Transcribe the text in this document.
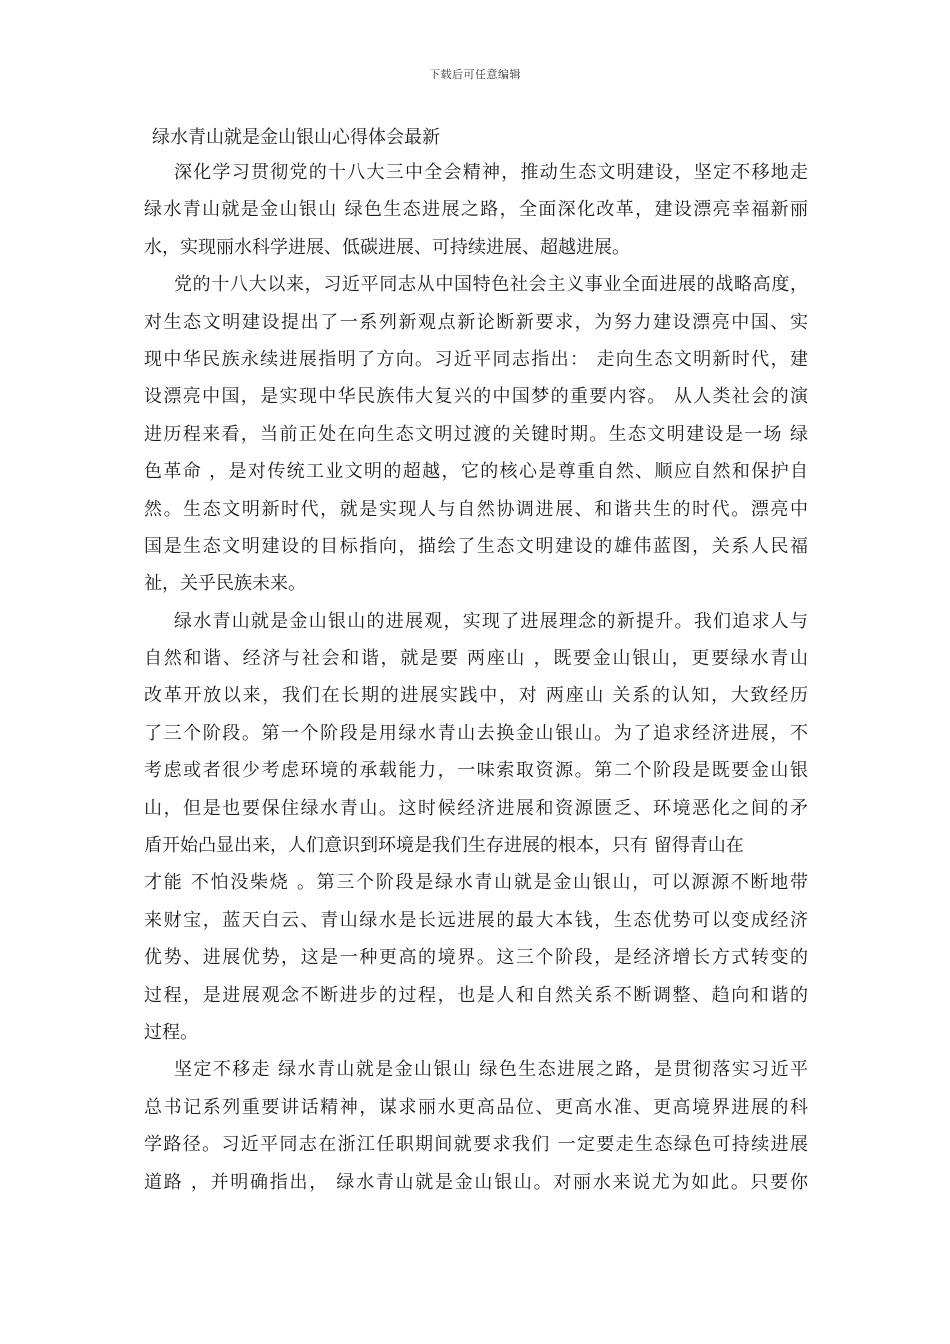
下载后可任意编辑
绿水青山就是金山银山心得体会最新
深化学习贯彻党的十八大三中全会精神，推动生态文明建设，坚定不移地走
绿水青山就是金山银山 绿色生态进展之路，全面深化改革，建设漂亮幸福新丽
水，实现丽水科学进展、低碳进展、可持续进展、超越进展。
党的十八大以来，习近平同志从中国特色社会主义事业全面进展的战略高度，
对生态文明建设提出了一系列新观点新论断新要求，为努力建设漂亮中国、实
现中华民族永续进展指明了方向。习近平同志指出： 走向生态文明新时代，建
设漂亮中国，是实现中华民族伟大复兴的中国梦的重要内容。 从人类社会的演
进历程来看，当前正处在向生态文明过渡的关键时期。生态文明建设是一场 绿
色革命 ，是对传统工业文明的超越，它的核心是尊重自然、顺应自然和保护自
然。生态文明新时代，就是实现人与自然协调进展、和谐共生的时代。漂亮中
国是生态文明建设的目标指向，描绘了生态文明建设的雄伟蓝图，关系人民福
祉，关乎民族未来。
绿水青山就是金山银山的进展观，实现了进展理念的新提升。我们追求人与
自然和谐、经济与社会和谐，就是要 两座山 ，既要金山银山，更要绿水青山
改革开放以来，我们在长期的进展实践中，对 两座山 关系的认知，大致经历
了三个阶段。第一个阶段是用绿水青山去换金山银山。为了追求经济进展，不
考虑或者很少考虑环境的承载能力，一味索取资源。第二个阶段是既要金山银
山，但是也要保住绿水青山。这时候经济进展和资源匮乏、环境恶化之间的矛
盾开始凸显出来，人们意识到环境是我们生存进展的根本，只有 留得青山在
才能 不怕没柴烧 。第三个阶段是绿水青山就是金山银山，可以源源不断地带
来财宝，蓝天白云、青山绿水是长远进展的最大本钱，生态优势可以变成经济
优势、进展优势，这是一种更高的境界。这三个阶段，是经济增长方式转变的
过程，是进展观念不断进步的过程，也是人和自然关系不断调整、趋向和谐的
过程。
坚定不移走 绿水青山就是金山银山 绿色生态进展之路，是贯彻落实习近平
总书记系列重要讲话精神，谋求丽水更高品位、更高水准、更高境界进展的科
学路径。习近平同志在浙江任职期间就要求我们 一定要走生态绿色可持续进展
道路 ，并明确指出， 绿水青山就是金山银山。对丽水来说尤为如此。只要你
